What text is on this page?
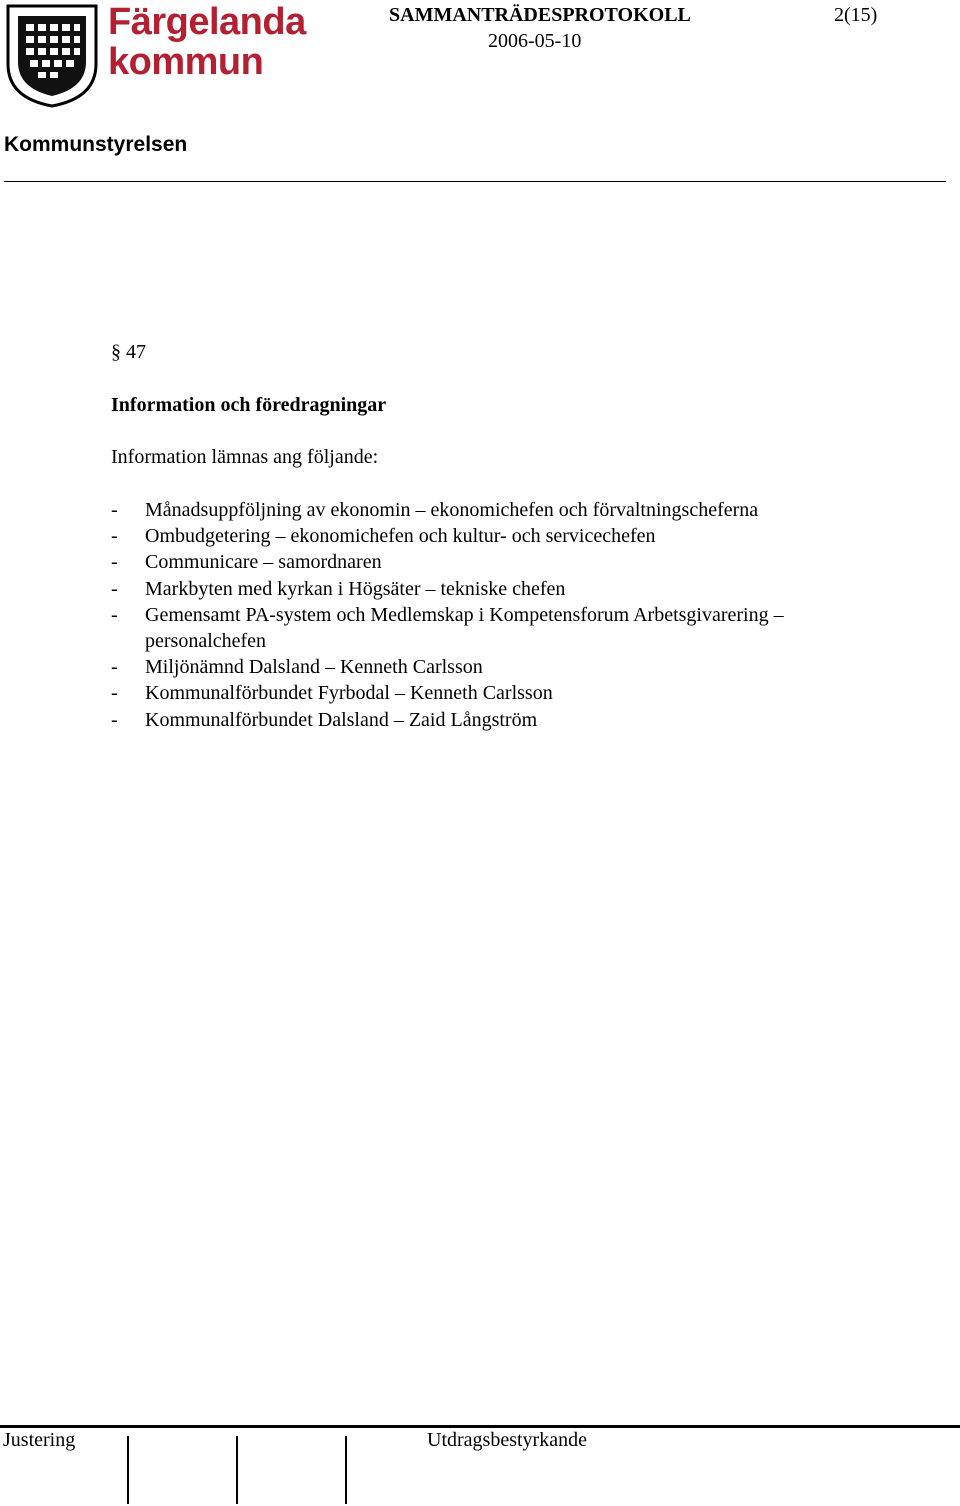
Färgelanda
kommun
SAMMANTRÄDESPROTOKOLL	2(15)
2006-05-10
Kommunstyrelsen
§ 47
Information och föredragningar
Information lämnas ang följande:
- Månadsuppföljning av ekonomin – ekonomichefen och förvaltningscheferna
- Ombudgetering – ekonomichefen och kultur- och servicechefen
- Communicare – samordnaren
- Markbyten med kyrkan i Högsäter – tekniske chefen
- Gemensamt PA-system och Medlemskap i Kompetensforum Arbetsgivarering – personalchefen
- Miljönämnd Dalsland – Kenneth Carlsson
- Kommunalförbundet Fyrbodal – Kenneth Carlsson
- Kommunalförbundet Dalsland – Zaid Långström
Justering	Utdragsbestyrkande
